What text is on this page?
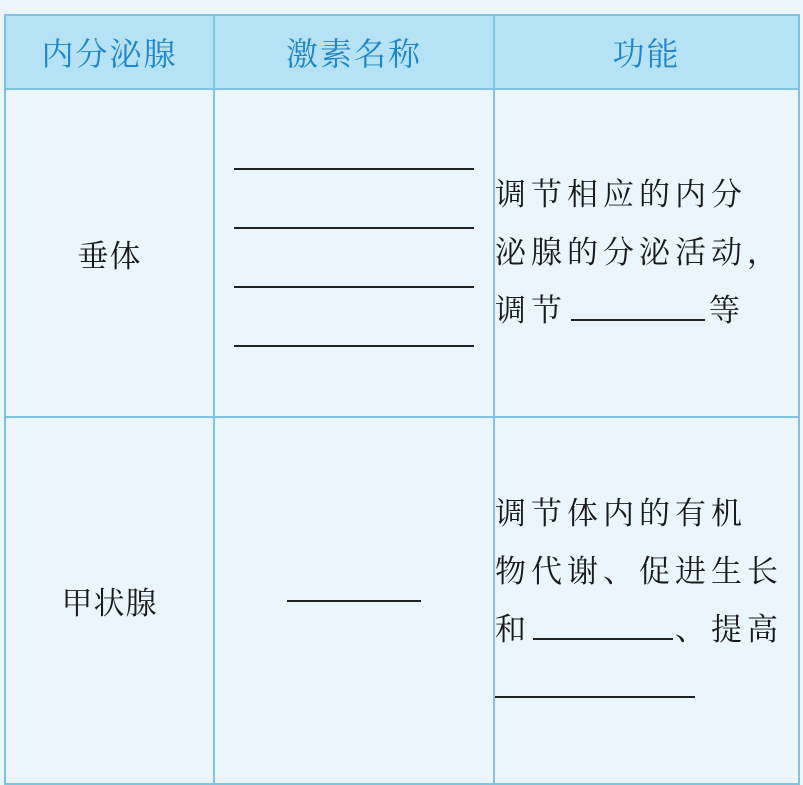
内分泌腺	激素名称	功能
垂体		调节相应的内分
泌腺的分泌活动，
调节 等

甲状腺		调节体内的有机
物代谢、促进生长
和 、提高
